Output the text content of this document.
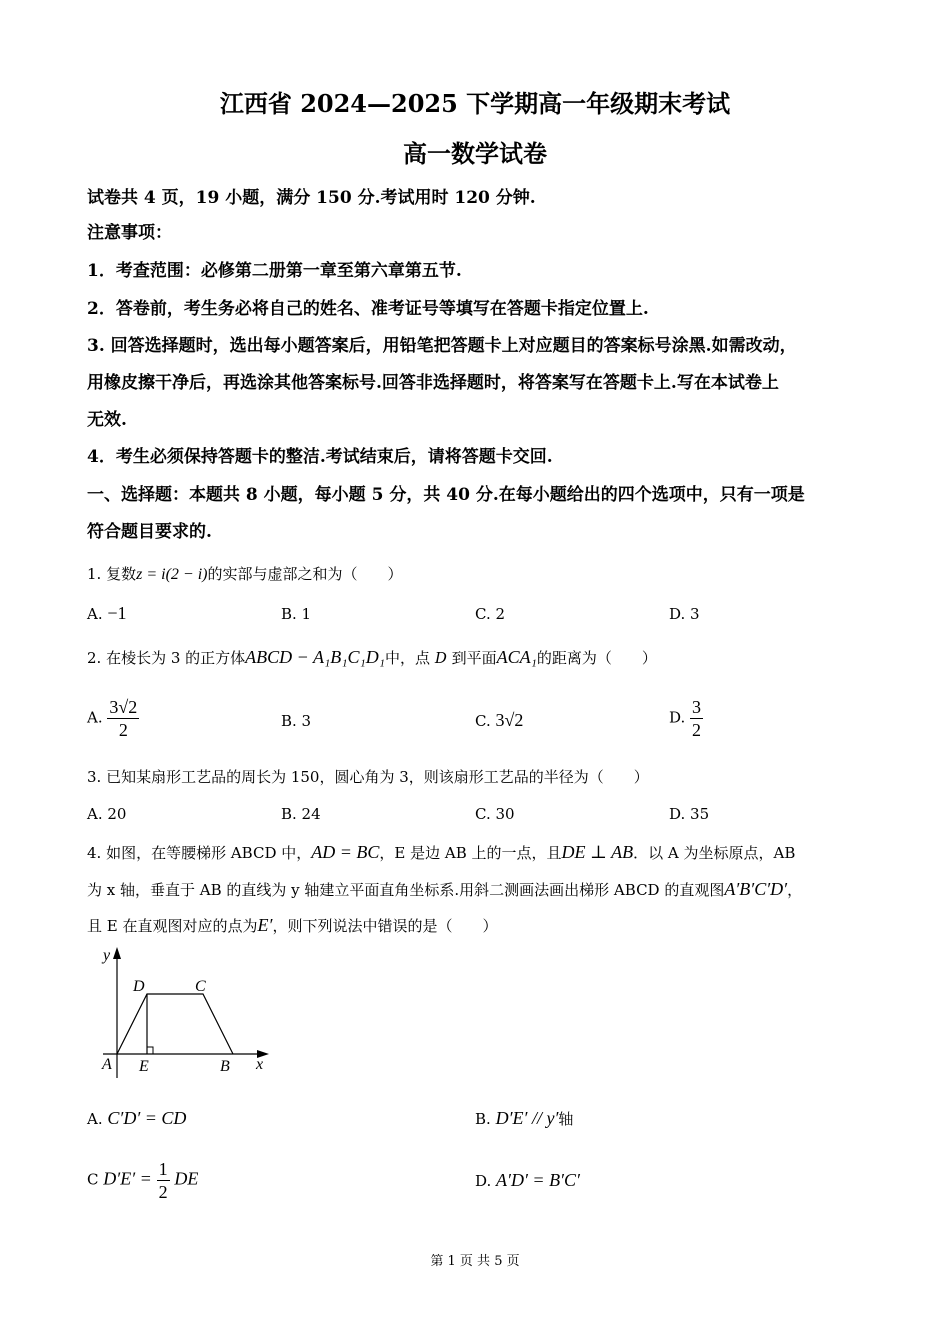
江西省 2024—2025 下学期高一年级期末考试
高一数学试卷
试卷共 4 页，19 小题，满分 150 分.考试用时 120 分钟.
注意事项：
1．考查范围：必修第二册第一章至第六章第五节.
2．答卷前，考生务必将自己的姓名、准考证号等填写在答题卡指定位置上.
3. 回答选择题时，选出每小题答案后，用铅笔把答题卡上对应题目的答案标号涂黑.如需改动，
用橡皮擦干净后，再选涂其他答案标号.回答非选择题时，将答案写在答题卡上.写在本试卷上
无效.
4．考生必须保持答题卡的整洁.考试结束后，请将答题卡交回.
一、选择题：本题共 8 小题，每小题 5 分，共 40 分.在每小题给出的四个选项中，只有一项是
符合题目要求的.
1. 复数z = i(2 − i)的实部与虚部之和为（　　）
A. −1	B. 1	C. 2	D. 3
2. 在棱长为 3 的正方体ABCD − A₁B₁C₁D₁中，点 D 到平面ACA₁的距离为（　　）
A. $\frac{3√2}{2}$	B. 3	C. 3√2	D. $\frac{3}{2}$
3. 已知某扇形工艺品的周长为 150，圆心角为 3，则该扇形工艺品的半径为（　　）
A. 20	B. 24	C. 30	D. 35
4. 如图，在等腰梯形 ABCD 中，AD = BC，E 是边 AB 上的一点，且DE ⊥ AB．以 A 为坐标原点，AB
为 x 轴，垂直于 AB 的直线为 y 轴建立平面直角坐标系.用斜二测画法画出梯形 ABCD 的直观图A′B′C′D′，
且 E 在直观图对应的点为E′，则下列说法中错误的是（　　）
y
x
A E	B
D	C
A. C′D′ = CD	B. D′E′ // y′轴
C $D'E' = \frac{1}{2}$ DE	D. A′D′ = B′C′
第 1 页 共 5 页
